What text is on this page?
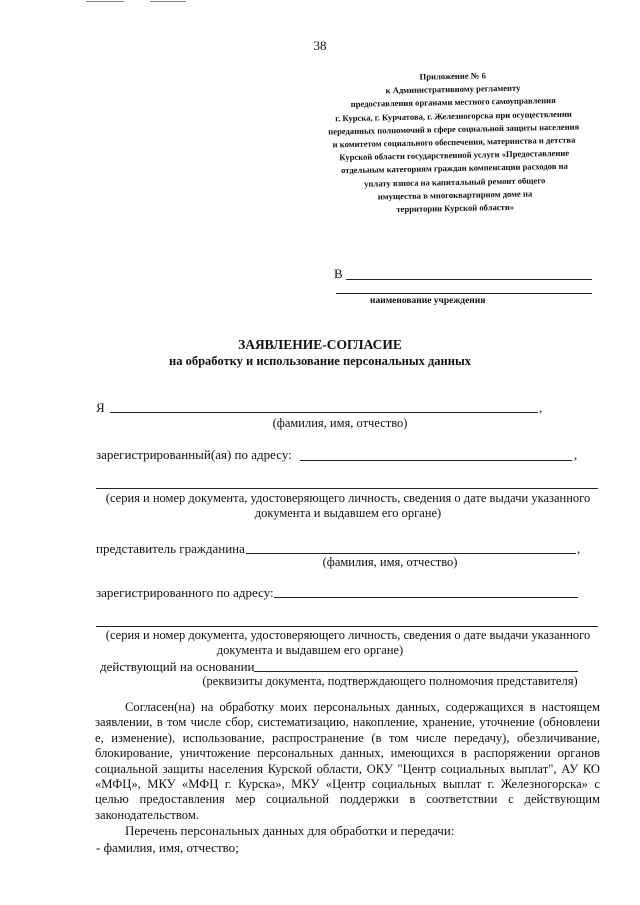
38
Приложение № 6
к Административному регламенту
предоставления органами местного самоуправления
г. Курска, г. Курчатова, г. Железногорска при осуществлении
переданных полномочий в сфере социальной защиты населения
и комитетом социального обеспечения, материнства и детства
Курской области государственной услуги «Предоставление
отдельным категориям граждан компенсации расходов на
уплату взноса на капитальный ремонт общего
имущества в многоквартирном доме на
территории Курской области»
В
наименование учреждения
ЗАЯВЛЕНИЕ-СОГЛАСИЕ
на обработку и использование персональных данных
Я	,
(фамилия, имя, отчество)
зарегистрированный(ая) по адресу:	,
(серия и номер документа, удостоверяющего личность, сведения о дате выдачи указанного
документа и выдавшем его органе)
представитель гражданина	,
(фамилия, имя, отчество)
зарегистрированного по адресу:
(серия и номер документа, удостоверяющего личность, сведения о дате выдачи указанного
документа и выдавшем его органе)
действующий на основании
(реквизиты документа, подтверждающего полномочия представителя)
Согласен(на) на обработку моих персональных данных, содержащихся в настоящем заявлении, в том числе сбор, систематизацию, накопление, хранение, уточнение (обновлени е, изменение), использование, распространение (в том числе передачу), обезличивание, блокирование, уничтожение персональных данных, имеющихся в распоряжении органов социальной защиты населения Курской области, ОКУ "Центр социальных выплат", АУ КО «МФЦ», МКУ «МФЦ г. Курска», МКУ «Центр социальных выплат г. Железногорска» с целью предоставления мер социальной поддержки в соответствии с действующим законодательством.
Перечень персональных данных для обработки и передачи:
- фамилия, имя, отчество;
